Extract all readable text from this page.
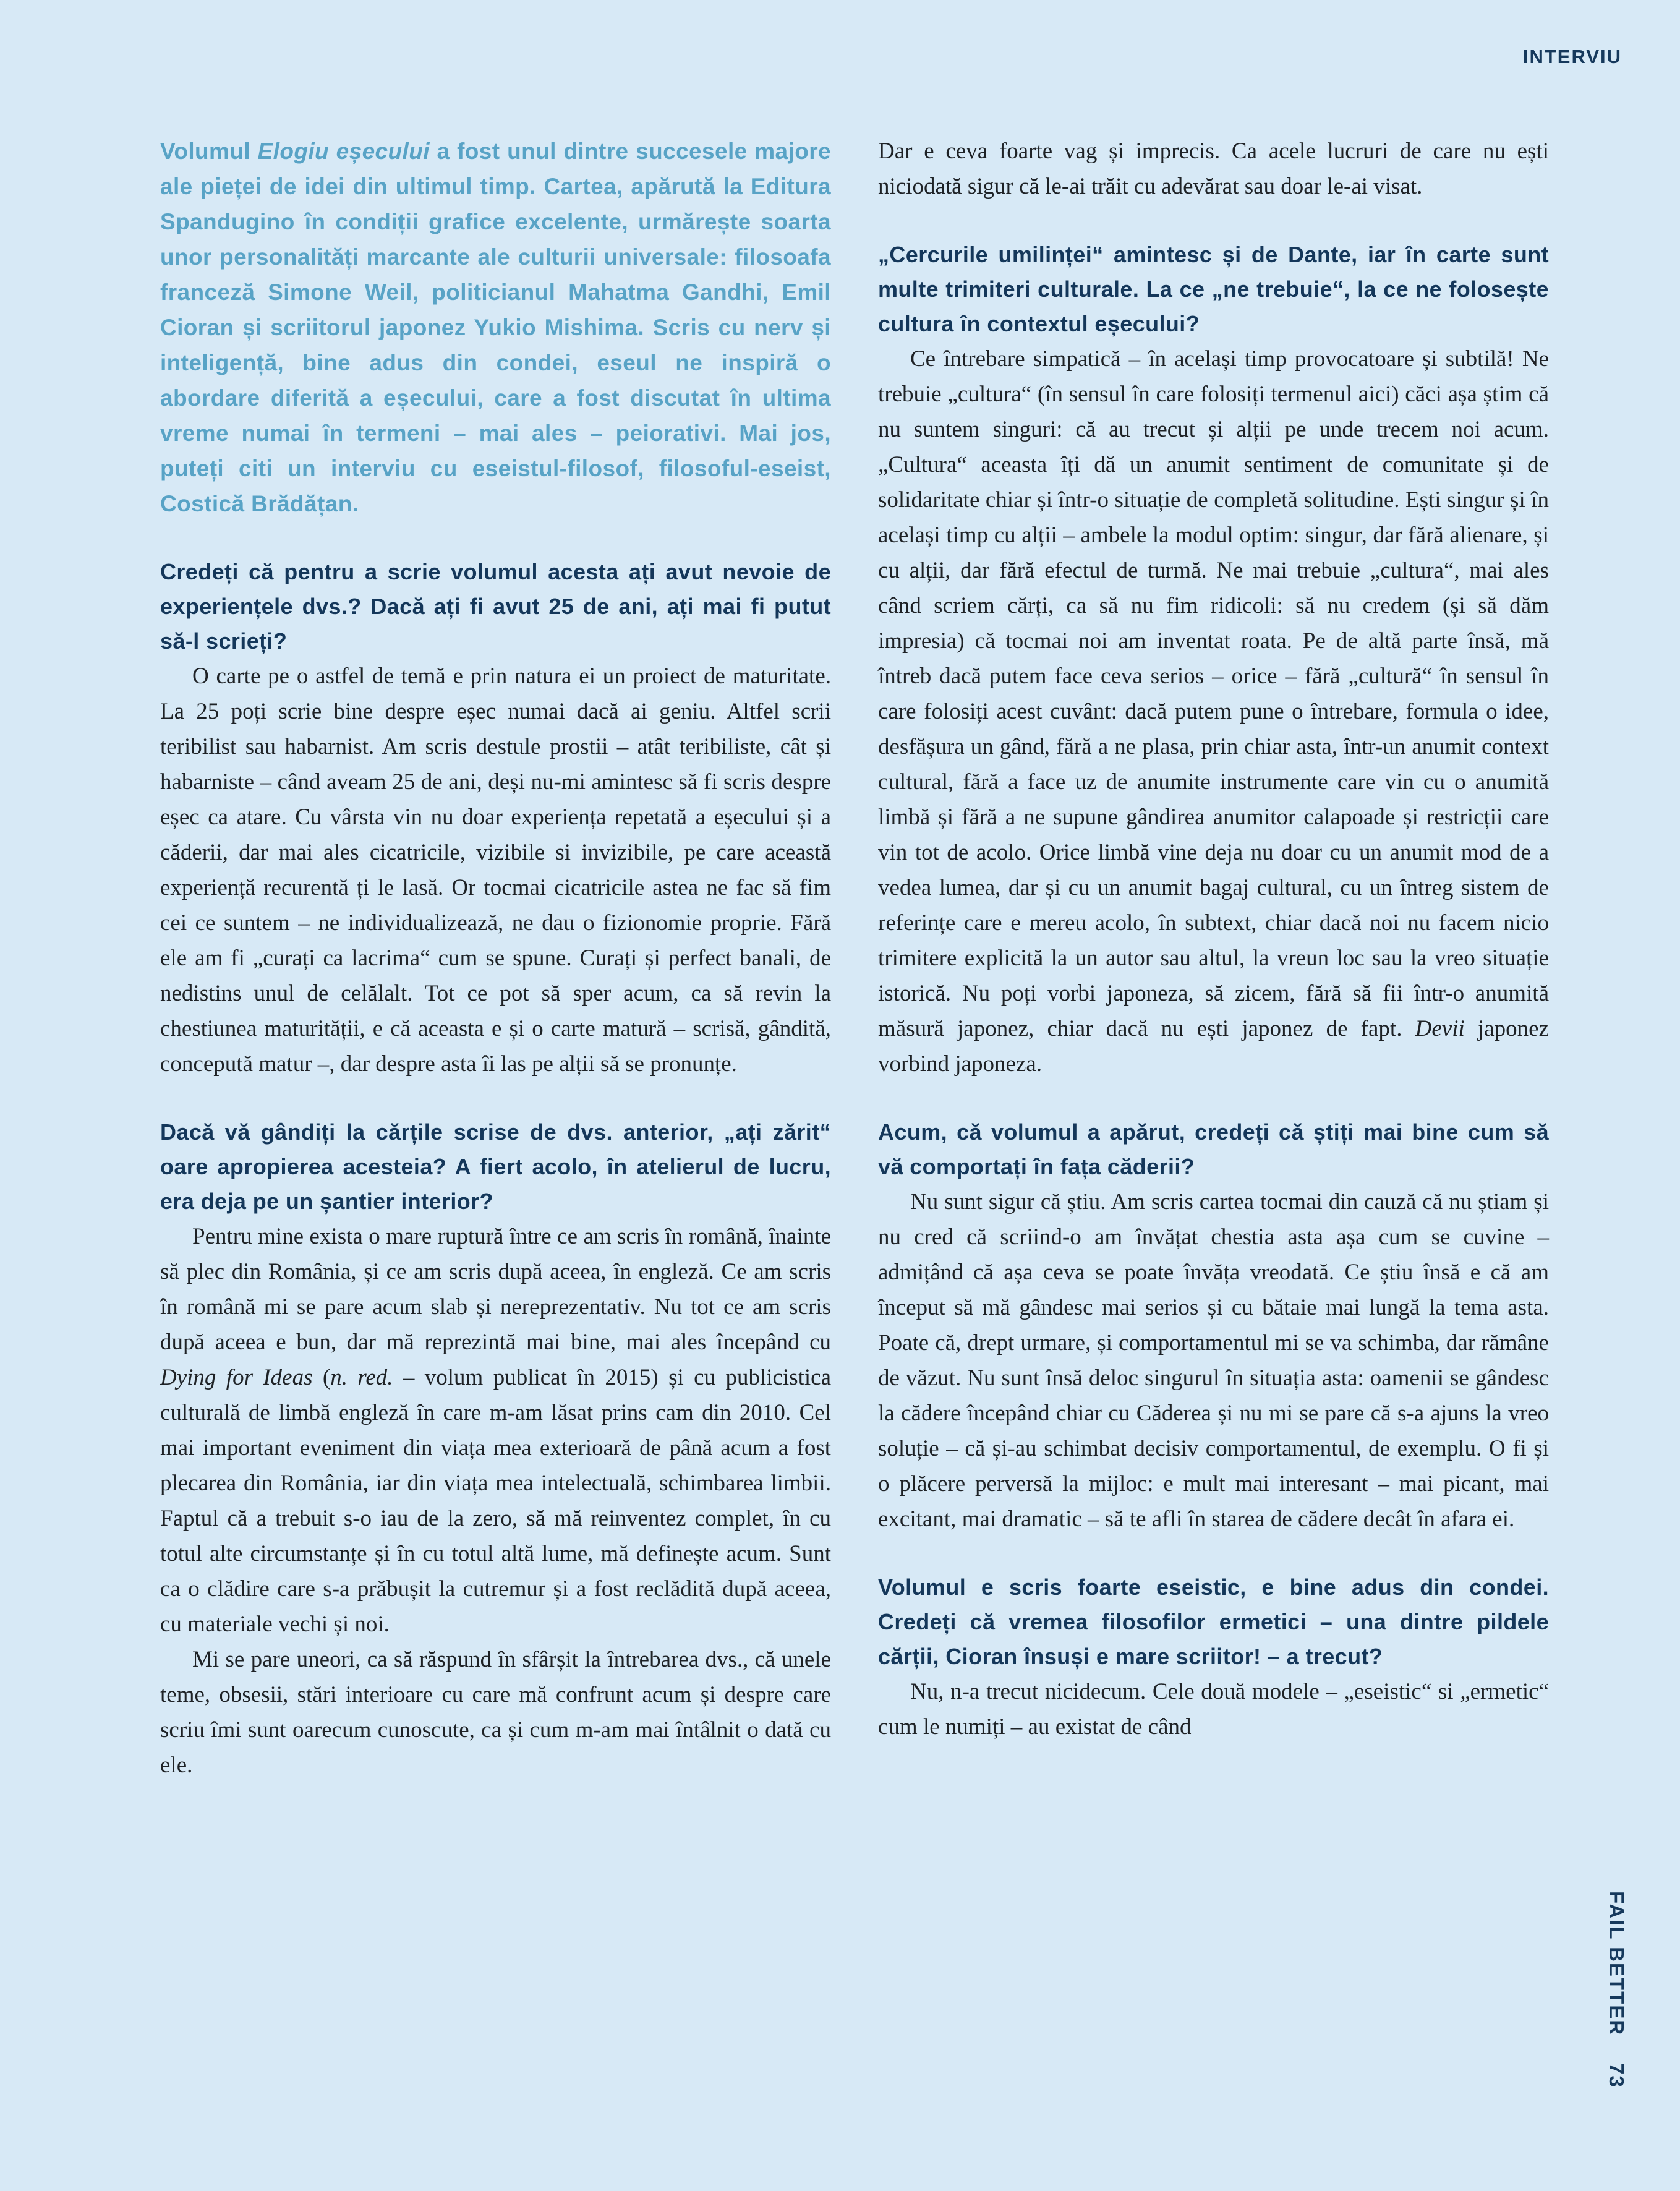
INTERVIU

Volumul Elogiu eșecului a fost unul dintre succesele majore ale pieței de idei din ultimul timp. Cartea, apărută la Editura Spandugino în condiții grafice excelente, urmărește soarta unor personalități marcante ale culturii universale: filosoafa franceză Simone Weil, politicianul Mahatma Gandhi, Emil Cioran și scriitorul japonez Yukio Mishima. Scris cu nerv și inteligență, bine adus din condei, eseul ne inspiră o abordare diferită a eșecului, care a fost discutat în ultima vreme numai în termeni – mai ales – peiorativi. Mai jos, puteți citi un interviu cu eseistul-filosof, filosoful-eseist, Costică Brădățan.

Credeți că pentru a scrie volumul acesta ați avut nevoie de experiențele dvs.? Dacă ați fi avut 25 de ani, ați mai fi putut să-l scrieți?

O carte pe o astfel de temă e prin natura ei un proiect de maturitate. La 25 poți scrie bine despre eșec numai dacă ai geniu. Altfel scrii teribilist sau habarnist. Am scris destule prostii – atât teribiliste, cât și habarniste – când aveam 25 de ani, deși nu-mi amintesc să fi scris despre eșec ca atare. Cu vârsta vin nu doar experiența repetată a eșecului și a căderii, dar mai ales cicatricile, vizibile si invizibile, pe care această experiență recurentă ți le lasă. Or tocmai cicatricile astea ne fac să fim cei ce suntem – ne individualizează, ne dau o fizionomie proprie. Fără ele am fi „curați ca lacrima“ cum se spune. Curați și perfect banali, de nedistins unul de celălalt. Tot ce pot să sper acum, ca să revin la chestiunea maturității, e că aceasta e și o carte matură – scrisă, gândită, concepută matur –, dar despre asta îi las pe alții să se pronunțe.

Dacă vă gândiți la cărțile scrise de dvs. anterior, „ați zărit“ oare apropierea acesteia? A fiert acolo, în atelierul de lucru, era deja pe un șantier interior?

Pentru mine exista o mare ruptură între ce am scris în română, înainte să plec din România, și ce am scris după aceea, în engleză. Ce am scris în română mi se pare acum slab și nereprezentativ. Nu tot ce am scris după aceea e bun, dar mă reprezintă mai bine, mai ales începând cu Dying for Ideas (n. red. – volum publicat în 2015) și cu publicistica culturală de limbă engleză în care m-am lăsat prins cam din 2010. Cel mai important eveniment din viața mea exterioară de până acum a fost plecarea din România, iar din viața mea intelectuală, schimbarea limbii. Faptul că a trebuit s-o iau de la zero, să mă reinventez complet, în cu totul alte circumstanțe și în cu totul altă lume, mă definește acum. Sunt ca o clădire care s-a prăbușit la cutremur și a fost reclădită după aceea, cu materiale vechi și noi.

Mi se pare uneori, ca să răspund în sfârșit la întrebarea dvs., că unele teme, obsesii, stări interioare cu care mă confrunt acum și despre care scriu îmi sunt oarecum cunoscute, ca și cum m-am mai întâlnit o dată cu ele.

Dar e ceva foarte vag și imprecis. Ca acele lucruri de care nu ești niciodată sigur că le-ai trăit cu adevărat sau doar le-ai visat.

„Cercurile umilinței“ amintesc și de Dante, iar în carte sunt multe trimiteri culturale. La ce „ne trebuie“, la ce ne folosește cultura în contextul eșecului?

Ce întrebare simpatică – în același timp provocatoare și subtilă! Ne trebuie „cultura“ (în sensul în care folosiți termenul aici) căci așa știm că nu suntem singuri: că au trecut și alții pe unde trecem noi acum. „Cultura“ aceasta îți dă un anumit sentiment de comunitate și de solidaritate chiar și într-o situație de completă solitudine. Ești singur și în același timp cu alții – ambele la modul optim: singur, dar fără alienare, și cu alții, dar fără efectul de turmă. Ne mai trebuie „cultura“, mai ales când scriem cărți, ca să nu fim ridicoli: să nu credem (și să dăm impresia) că tocmai noi am inventat roata. Pe de altă parte însă, mă întreb dacă putem face ceva serios – orice – fără „cultură“ în sensul în care folosiți acest cuvânt: dacă putem pune o întrebare, formula o idee, desfășura un gând, fără a ne plasa, prin chiar asta, într-un anumit context cultural, fără a face uz de anumite instrumente care vin cu o anumită limbă și fără a ne supune gândirea anumitor calapoade și restricții care vin tot de acolo. Orice limbă vine deja nu doar cu un anumit mod de a vedea lumea, dar și cu un anumit bagaj cultural, cu un întreg sistem de referințe care e mereu acolo, în subtext, chiar dacă noi nu facem nicio trimitere explicită la un autor sau altul, la vreun loc sau la vreo situație istorică. Nu poți vorbi japoneza, să zicem, fără să fii într-o anumită măsură japonez, chiar dacă nu ești japonez de fapt. Devii japonez vorbind japoneza.

Acum, că volumul a apărut, credeți că știți mai bine cum să vă comportați în fața căderii?

Nu sunt sigur că știu. Am scris cartea tocmai din cauză că nu știam și nu cred că scriind-o am învățat chestia asta așa cum se cuvine – admițând că așa ceva se poate învăța vreodată. Ce știu însă e că am început să mă gândesc mai serios și cu bătaie mai lungă la tema asta. Poate că, drept urmare, și comportamentul mi se va schimba, dar rămâne de văzut. Nu sunt însă deloc singurul în situația asta: oamenii se gândesc la cădere începând chiar cu Căderea și nu mi se pare că s-a ajuns la vreo soluție – că și-au schimbat decisiv comportamentul, de exemplu. O fi și o plăcere perversă la mijloc: e mult mai interesant – mai picant, mai excitant, mai dramatic – să te afli în starea de cădere decât în afara ei.

Volumul e scris foarte eseistic, e bine adus din condei. Credeți că vremea filosofilor ermetici – una dintre pildele cărții, Cioran însuși e mare scriitor! – a trecut?

Nu, n-a trecut nicidecum. Cele două modele – „eseistic“ si „ermetic“ cum le numiți – au existat de când

FAIL BETTER
73
